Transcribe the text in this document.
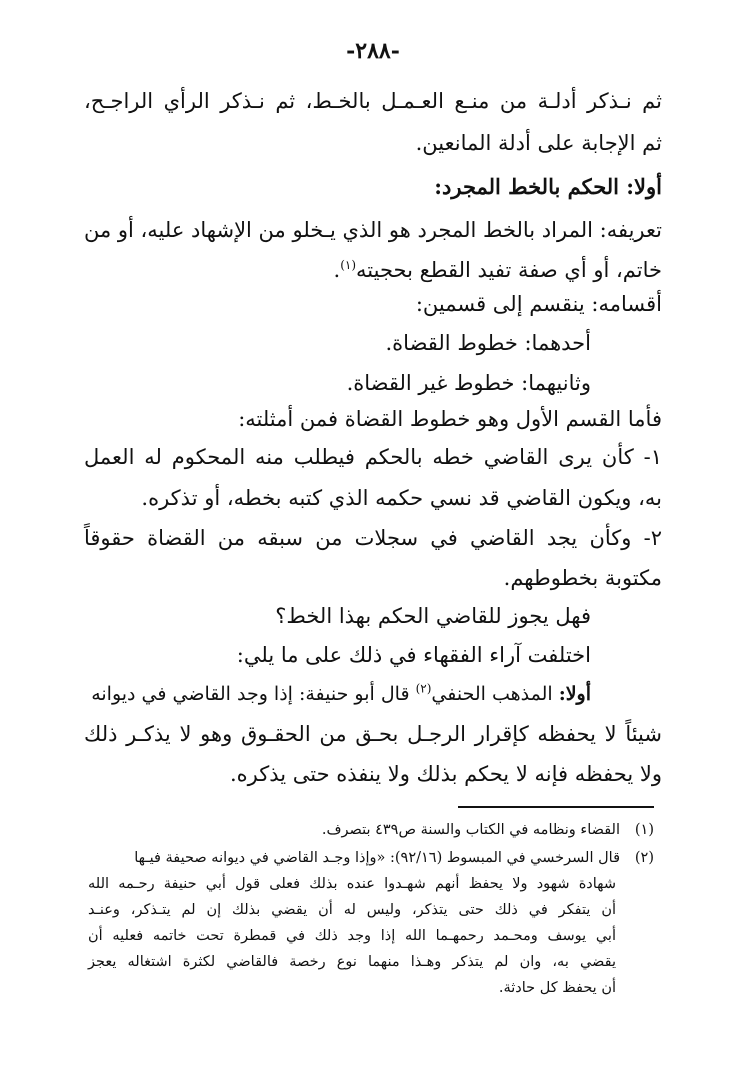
-٢٨٨-
ثم نـذكر أدلـة من منـع العـمـل بالخـط، ثم نـذكر الرأي الراجـح،
ثم الإجابة على أدلة المانعين.
أولا: الحكم بالخط المجرد:
تعريفه: المراد بالخط المجرد هو الذي يـخلو من الإشهاد عليه، أو من
خاتم، أو أي صفة تفيد القطع بحجيته$^{(١)}$.
أقسامه: ينقسم إلى قسمين:
أحدهما: خطوط القضاة.
وثانيهما: خطوط غير القضاة.
فأما القسم الأول وهو خطوط القضاة فمن أمثلته:
١- كأن يرى القاضي خطه بالحكم فيطلب منه المحكوم له العمل
به، ويكون القاضي قد نسي حكمه الذي كتبه بخطه، أو تذكره.
٢- وكأن يجد القاضي في سجلات من سبقه من القضاة حقوقاً
مكتوبة بخطوطهم.
فهل يجوز للقاضي الحكم بهذا الخط؟
اختلفت آراء الفقهاء في ذلك على ما يلي:
أولا: المذهب الحنفي$^{(٢)}$ قال أبو حنيفة: إذا وجد القاضي في ديوانه
شيئاً لا يحفظه كإقرار الرجـل بحـق من الحقـوق وهو لا يذكـر ذلك
ولا يحفظه فإنه لا يحكم بذلك ولا ينفذه حتى يذكره.
(١)القضاء ونظامه في الكتاب والسنة ص٤٣٩ بتصرف.
(٢)قال السرخسي في المبسوط (٩٢/١٦): «وإذا وجـد القاضي في ديوانه صحيفة فيـها
شهادة شهود ولا يحفظ أنهم شهـدوا عنده بذلك فعلى قول أبي حنيفة رحـمه الله
أن يتفكر في ذلك حتى يتذكر، وليس له أن يقضي بذلك إن لم يتـذكر، وعنـد
أبي يوسف ومحـمد رحمهـما الله إذا وجد ذلك في قمطرة تحت خاتمه فعليه أن
يقضي به، وان لم يتذكر وهـذا منهما نوع رخصة فالقاضي لكثرة اشتغاله يعجز
أن يحفظ كل حادثة.
